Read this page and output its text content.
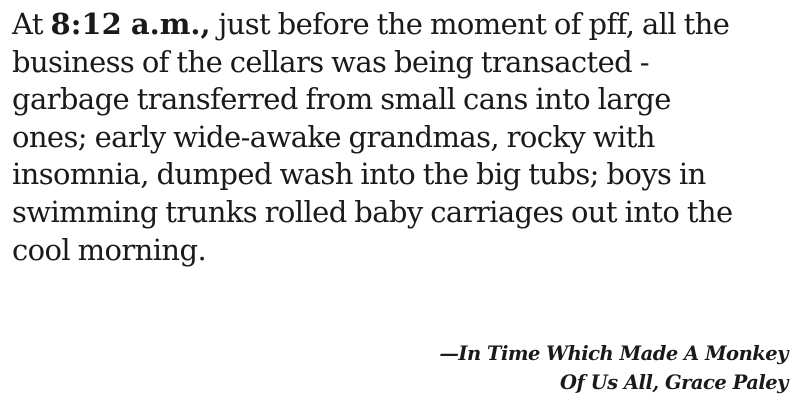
At 8:12 a.m., just before the moment of pff, all the
business of the cellars was being transacted -
garbage transferred from small cans into large
ones; early wide-awake grandmas, rocky with
insomnia, dumped wash into the big tubs; boys in
swimming trunks rolled baby carriages out into the
cool morning.

—In Time Which Made A Monkey
Of Us All, Grace Paley
